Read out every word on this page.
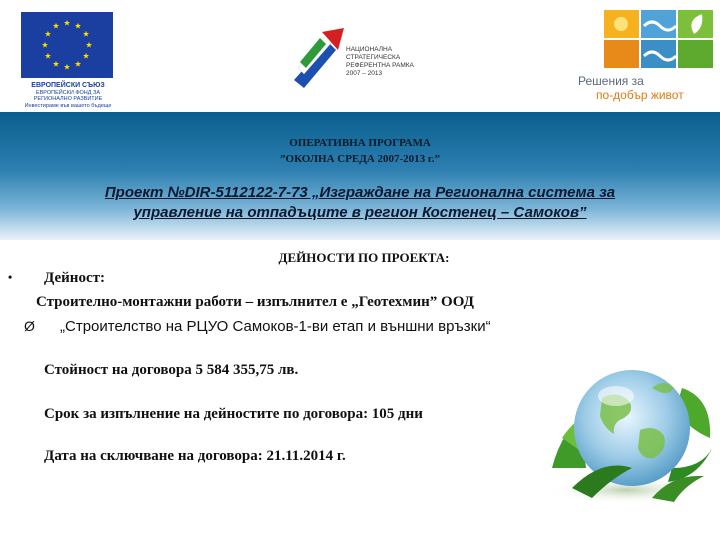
ЕВРОПЕЙСКИ СЪЮЗ
ЕВРОПЕЙСКИ ФОНД ЗА
РЕГИОНАЛНО РАЗВИТИЕ
Инвестираме във вашето бъдеще
НАЦИОНАЛНА
СТРАТЕГИЧЕСКА
РЕФЕРЕНТНА РАМКА
2007 – 2013
Решения за
по-добър живот
ОПЕРАТИВНА ПРОГРАМА
”ОКОЛНА СРЕДА 2007-2013 г.”
Проект №DIR-5112122-7-73 „Изграждане на Регионална система за
управление на отпадъците в регион Костенец – Самоков”
ДЕЙНОСТИ ПО ПРОЕКТА:
• Дейност:
Строително-монтажни работи – изпълнител е „Геотехмин” ООД
Ø „Строителство на РЦУО Самоков-1-ви етап и външни връзки“
Стойност на договора 5 584 355,75 лв.
Срок за изпълнение на дейностите по договора: 105 дни
Дата на сключване на договора: 21.11.2014 г.
